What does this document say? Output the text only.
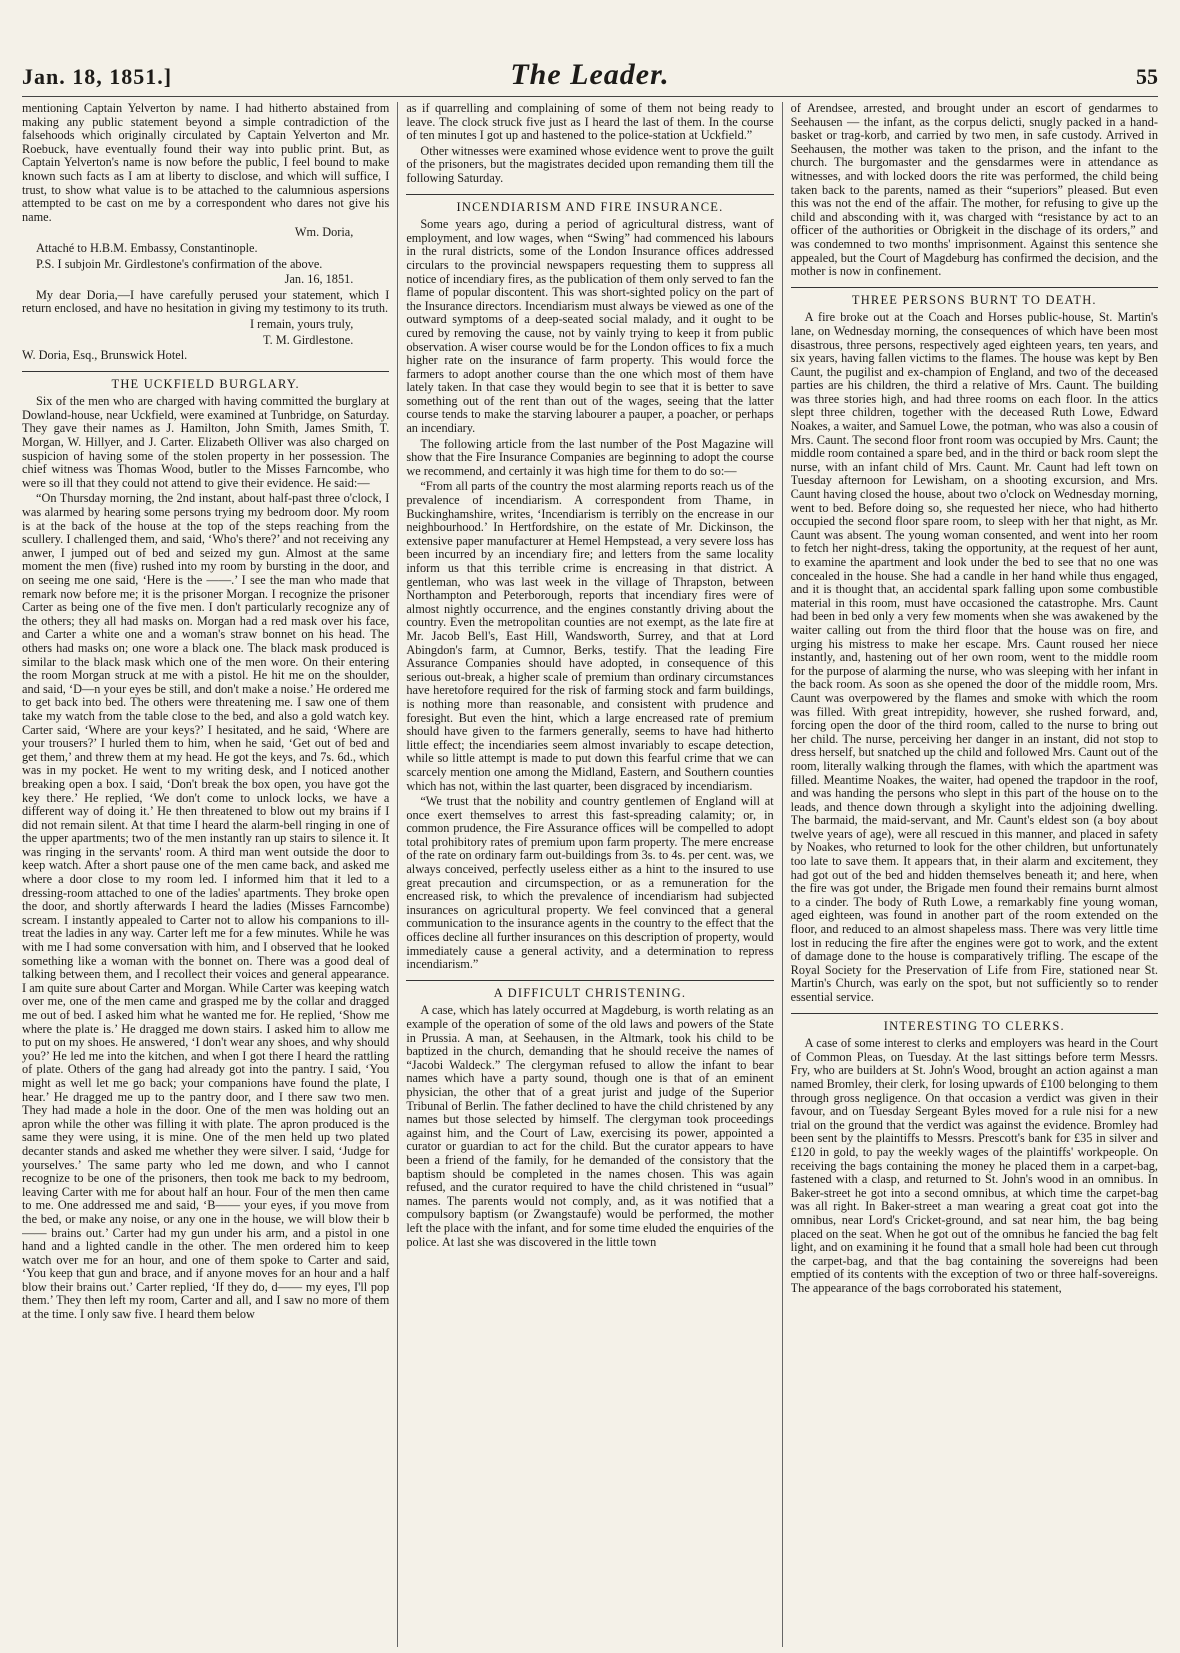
Jan. 18, 1851.]	The Leader.	55

mentioning Captain Yelverton by name. I had hitherto abstained from making any public statement beyond a simple contradiction of the falsehoods which originally circulated by Captain Yelverton and Mr. Roebuck, have eventually found their way into public print. But, as Captain Yelverton's name is now before the public, I feel bound to make known such facts as I am at liberty to disclose, and which will suffice, I trust, to show what value is to be attached to the calumnious aspersions attempted to be cast on me by a correspondent who dares not give his name.

Wm. Doria,

Attaché to H.B.M. Embassy, Constantinople.

P.S. I subjoin Mr. Girdlestone's confirmation of the above.

Jan. 16, 1851.

My dear Doria,—I have carefully perused your statement, which I return enclosed, and have no hesitation in giving my testimony to its truth.

I remain, yours truly,

T. M. Girdlestone.

W. Doria, Esq., Brunswick Hotel.

THE UCKFIELD BURGLARY.

Six of the men who are charged with having committed the burglary at Dowland-house, near Uckfield, were examined at Tunbridge, on Saturday. They gave their names as J. Hamilton, John Smith, James Smith, T. Morgan, W. Hillyer, and J. Carter. Elizabeth Olliver was also charged on suspicion of having some of the stolen property in her possession. The chief witness was Thomas Wood, butler to the Misses Farncombe, who were so ill that they could not attend to give their evidence. He said:—

“On Thursday morning, the 2nd instant, about half-past three o'clock, I was alarmed by hearing some persons trying my bedroom door. My room is at the back of the house at the top of the steps reaching from the scullery. I challenged them, and said, ‘Who's there?’ and not receiving any anwer, I jumped out of bed and seized my gun. Almost at the same moment the men (five) rushed into my room by bursting in the door, and on seeing me one said, ‘Here is the ——.’ I see the man who made that remark now before me; it is the prisoner Morgan. I recognize the prisoner Carter as being one of the five men. I don't particularly recognize any of the others; they all had masks on. Morgan had a red mask over his face, and Carter a white one and a woman's straw bonnet on his head. The others had masks on; one wore a black one. The black mask produced is similar to the black mask which one of the men wore. On their entering the room Morgan struck at me with a pistol. He hit me on the shoulder, and said, ‘D—n your eyes be still, and don't make a noise.’ He ordered me to get back into bed. The others were threatening me. I saw one of them take my watch from the table close to the bed, and also a gold watch key. Carter said, ‘Where are your keys?’ I hesitated, and he said, ‘Where are your trousers?’ I hurled them to him, when he said, ‘Get out of bed and get them,’ and threw them at my head. He got the keys, and 7s. 6d., which was in my pocket. He went to my writing desk, and I noticed another breaking open a box. I said, ‘Don't break the box open, you have got the key there.’ He replied, ‘We don't come to unlock locks, we have a different way of doing it.’ He then threatened to blow out my brains if I did not remain silent. At that time I heard the alarm-bell ringing in one of the upper apartments; two of the men instantly ran up stairs to silence it. It was ringing in the servants' room. A third man went outside the door to keep watch. After a short pause one of the men came back, and asked me where a door close to my room led. I informed him that it led to a dressing-room attached to one of the ladies' apartments. They broke open the door, and shortly afterwards I heard the ladies (Misses Farncombe) scream. I instantly appealed to Carter not to allow his companions to ill-treat the ladies in any way. Carter left me for a few minutes. While he was with me I had some conversation with him, and I observed that he looked something like a woman with the bonnet on. There was a good deal of talking between them, and I recollect their voices and general appearance. I am quite sure about Carter and Morgan. While Carter was keeping watch over me, one of the men came and grasped me by the collar and dragged me out of bed. I asked him what he wanted me for. He replied, ‘Show me where the plate is.’ He dragged me down stairs. I asked him to allow me to put on my shoes. He answered, ‘I don't wear any shoes, and why should you?’ He led me into the kitchen, and when I got there I heard the rattling of plate. Others of the gang had already got into the pantry. I said, ‘You might as well let me go back; your companions have found the plate, I hear.’ He dragged me up to the pantry door, and I there saw two men. They had made a hole in the door. One of the men was holding out an apron while the other was filling it with plate. The apron produced is the same they were using, it is mine. One of the men held up two plated decanter stands and asked me whether they were silver. I said, ‘Judge for yourselves.’ The same party who led me down, and who I cannot recognize to be one of the prisoners, then took me back to my bedroom, leaving Carter with me for about half an hour. Four of the men then came to me. One addressed me and said, ‘B—— your eyes, if you move from the bed, or make any noise, or any one in the house, we will blow their b—— brains out.’ Carter had my gun under his arm, and a pistol in one hand and a lighted candle in the other. The men ordered him to keep watch over me for an hour, and one of them spoke to Carter and said, ‘You keep that gun and brace, and if anyone moves for an hour and a half blow their brains out.’ Carter replied, ‘If they do, d—— my eyes, I'll pop them.’ They then left my room, Carter and all, and I saw no more of them at the time. I only saw five. I heard them below

as if quarrelling and complaining of some of them not being ready to leave. The clock struck five just as I heard the last of them. In the course of ten minutes I got up and hastened to the police-station at Uckfield.”

Other witnesses were examined whose evidence went to prove the guilt of the prisoners, but the magistrates decided upon remanding them till the following Saturday.

INCENDIARISM AND FIRE INSURANCE.

Some years ago, during a period of agricultural distress, want of employment, and low wages, when “Swing” had commenced his labours in the rural districts, some of the London Insurance offices addressed circulars to the provincial newspapers requesting them to suppress all notice of incendiary fires, as the publication of them only served to fan the flame of popular discontent. This was short-sighted policy on the part of the Insurance directors. Incendiarism must always be viewed as one of the outward symptoms of a deep-seated social malady, and it ought to be cured by removing the cause, not by vainly trying to keep it from public observation. A wiser course would be for the London offices to fix a much higher rate on the insurance of farm property. This would force the farmers to adopt another course than the one which most of them have lately taken. In that case they would begin to see that it is better to save something out of the rent than out of the wages, seeing that the latter course tends to make the starving labourer a pauper, a poacher, or perhaps an incendiary.

The following article from the last number of the Post Magazine will show that the Fire Insurance Companies are beginning to adopt the course we recommend, and certainly it was high time for them to do so:—

“From all parts of the country the most alarming reports reach us of the prevalence of incendiarism. A correspondent from Thame, in Buckinghamshire, writes, ‘Incendiarism is terribly on the encrease in our neighbourhood.’ In Hertfordshire, on the estate of Mr. Dickinson, the extensive paper manufacturer at Hemel Hempstead, a very severe loss has been incurred by an incendiary fire; and letters from the same locality inform us that this terrible crime is encreasing in that district. A gentleman, who was last week in the village of Thrapston, between Northampton and Peterborough, reports that incendiary fires were of almost nightly occurrence, and the engines constantly driving about the country. Even the metropolitan counties are not exempt, as the late fire at Mr. Jacob Bell's, East Hill, Wandsworth, Surrey, and that at Lord Abingdon's farm, at Cumnor, Berks, testify. That the leading Fire Assurance Companies should have adopted, in consequence of this serious out-break, a higher scale of premium than ordinary circumstances have heretofore required for the risk of farming stock and farm buildings, is nothing more than reasonable, and consistent with prudence and foresight. But even the hint, which a large encreased rate of premium should have given to the farmers generally, seems to have had hitherto little effect; the incendiaries seem almost invariably to escape detection, while so little attempt is made to put down this fearful crime that we can scarcely mention one among the Midland, Eastern, and Southern counties which has not, within the last quarter, been disgraced by incendiarism.

“We trust that the nobility and country gentlemen of England will at once exert themselves to arrest this fast-spreading calamity; or, in common prudence, the Fire Assurance offices will be compelled to adopt total prohibitory rates of premium upon farm property. The mere encrease of the rate on ordinary farm out-buildings from 3s. to 4s. per cent. was, we always conceived, perfectly useless either as a hint to the insured to use great precaution and circumspection, or as a remuneration for the encreased risk, to which the prevalence of incendiarism had subjected insurances on agricultural property. We feel convinced that a general communication to the insurance agents in the country to the effect that the offices decline all further insurances on this description of property, would immediately cause a general activity, and a determination to repress incendiarism.”

A DIFFICULT CHRISTENING.

A case, which has lately occurred at Magdeburg, is worth relating as an example of the operation of some of the old laws and powers of the State in Prussia. A man, at Seehausen, in the Altmark, took his child to be baptized in the church, demanding that he should receive the names of “Jacobi Waldeck.” The clergyman refused to allow the infant to bear names which have a party sound, though one is that of an eminent physician, the other that of a great jurist and judge of the Superior Tribunal of Berlin. The father declined to have the child christened by any names but those selected by himself. The clergyman took proceedings against him, and the Court of Law, exercising its power, appointed a curator or guardian to act for the child. But the curator appears to have been a friend of the family, for he demanded of the consistory that the baptism should be completed in the names chosen. This was again refused, and the curator required to have the child christened in “usual” names. The parents would not comply, and, as it was notified that a compulsory baptism (or Zwangstaufe) would be performed, the mother left the place with the infant, and for some time eluded the enquiries of the police. At last she was discovered in the little town

of Arendsee, arrested, and brought under an escort of gendarmes to Seehausen — the infant, as the corpus delicti, snugly packed in a hand-basket or trag-korb, and carried by two men, in safe custody. Arrived in Seehausen, the mother was taken to the prison, and the infant to the church. The burgomaster and the gensdarmes were in attendance as witnesses, and with locked doors the rite was performed, the child being taken back to the parents, named as their “superiors” pleased. But even this was not the end of the affair. The mother, for refusing to give up the child and absconding with it, was charged with “resistance by act to an officer of the authorities or Obrigkeit in the dischage of its orders,” and was condemned to two months' imprisonment. Against this sentence she appealed, but the Court of Magdeburg has confirmed the decision, and the mother is now in confinement.

THREE PERSONS BURNT TO DEATH.

A fire broke out at the Coach and Horses public-house, St. Martin's lane, on Wednesday morning, the consequences of which have been most disastrous, three persons, respectively aged eighteen years, ten years, and six years, having fallen victims to the flames. The house was kept by Ben Caunt, the pugilist and ex-champion of England, and two of the deceased parties are his children, the third a relative of Mrs. Caunt. The building was three stories high, and had three rooms on each floor. In the attics slept three children, together with the deceased Ruth Lowe, Edward Noakes, a waiter, and Samuel Lowe, the potman, who was also a cousin of Mrs. Caunt. The second floor front room was occupied by Mrs. Caunt; the middle room contained a spare bed, and in the third or back room slept the nurse, with an infant child of Mrs. Caunt. Mr. Caunt had left town on Tuesday afternoon for Lewisham, on a shooting excursion, and Mrs. Caunt having closed the house, about two o'clock on Wednesday morning, went to bed. Before doing so, she requested her niece, who had hitherto occupied the second floor spare room, to sleep with her that night, as Mr. Caunt was absent. The young woman consented, and went into her room to fetch her night-dress, taking the opportunity, at the request of her aunt, to examine the apartment and look under the bed to see that no one was concealed in the house. She had a candle in her hand while thus engaged, and it is thought that, an accidental spark falling upon some combustible material in this room, must have occasioned the catastrophe. Mrs. Caunt had been in bed only a very few moments when she was awakened by the waiter calling out from the third floor that the house was on fire, and urging his mistress to make her escape. Mrs. Caunt roused her niece instantly, and, hastening out of her own room, went to the middle room for the purpose of alarming the nurse, who was sleeping with her infant in the back room. As soon as she opened the door of the middle room, Mrs. Caunt was overpowered by the flames and smoke with which the room was filled. With great intrepidity, however, she rushed forward, and, forcing open the door of the third room, called to the nurse to bring out her child. The nurse, perceiving her danger in an instant, did not stop to dress herself, but snatched up the child and followed Mrs. Caunt out of the room, literally walking through the flames, with which the apartment was filled. Meantime Noakes, the waiter, had opened the trapdoor in the roof, and was handing the persons who slept in this part of the house on to the leads, and thence down through a skylight into the adjoining dwelling. The barmaid, the maid-servant, and Mr. Caunt's eldest son (a boy about twelve years of age), were all rescued in this manner, and placed in safety by Noakes, who returned to look for the other children, but unfortunately too late to save them. It appears that, in their alarm and excitement, they had got out of the bed and hidden themselves beneath it; and here, when the fire was got under, the Brigade men found their remains burnt almost to a cinder. The body of Ruth Lowe, a remarkably fine young woman, aged eighteen, was found in another part of the room extended on the floor, and reduced to an almost shapeless mass. There was very little time lost in reducing the fire after the engines were got to work, and the extent of damage done to the house is comparatively trifling. The escape of the Royal Society for the Preservation of Life from Fire, stationed near St. Martin's Church, was early on the spot, but not sufficiently so to render essential service.

INTERESTING TO CLERKS.

A case of some interest to clerks and employers was heard in the Court of Common Pleas, on Tuesday. At the last sittings before term Messrs. Fry, who are builders at St. John's Wood, brought an action against a man named Bromley, their clerk, for losing upwards of £100 belonging to them through gross negligence. On that occasion a verdict was given in their favour, and on Tuesday Sergeant Byles moved for a rule nisi for a new trial on the ground that the verdict was against the evidence. Bromley had been sent by the plaintiffs to Messrs. Prescott's bank for £35 in silver and £120 in gold, to pay the weekly wages of the plaintiffs' workpeople. On receiving the bags containing the money he placed them in a carpet-bag, fastened with a clasp, and returned to St. John's wood in an omnibus. In Baker-street he got into a second omnibus, at which time the carpet-bag was all right. In Baker-street a man wearing a great coat got into the omnibus, near Lord's Cricket-ground, and sat near him, the bag being placed on the seat. When he got out of the omnibus he fancied the bag felt light, and on examining it he found that a small hole had been cut through the carpet-bag, and that the bag containing the sovereigns had been emptied of its contents with the exception of two or three half-sovereigns. The appearance of the bags corroborated his statement,
